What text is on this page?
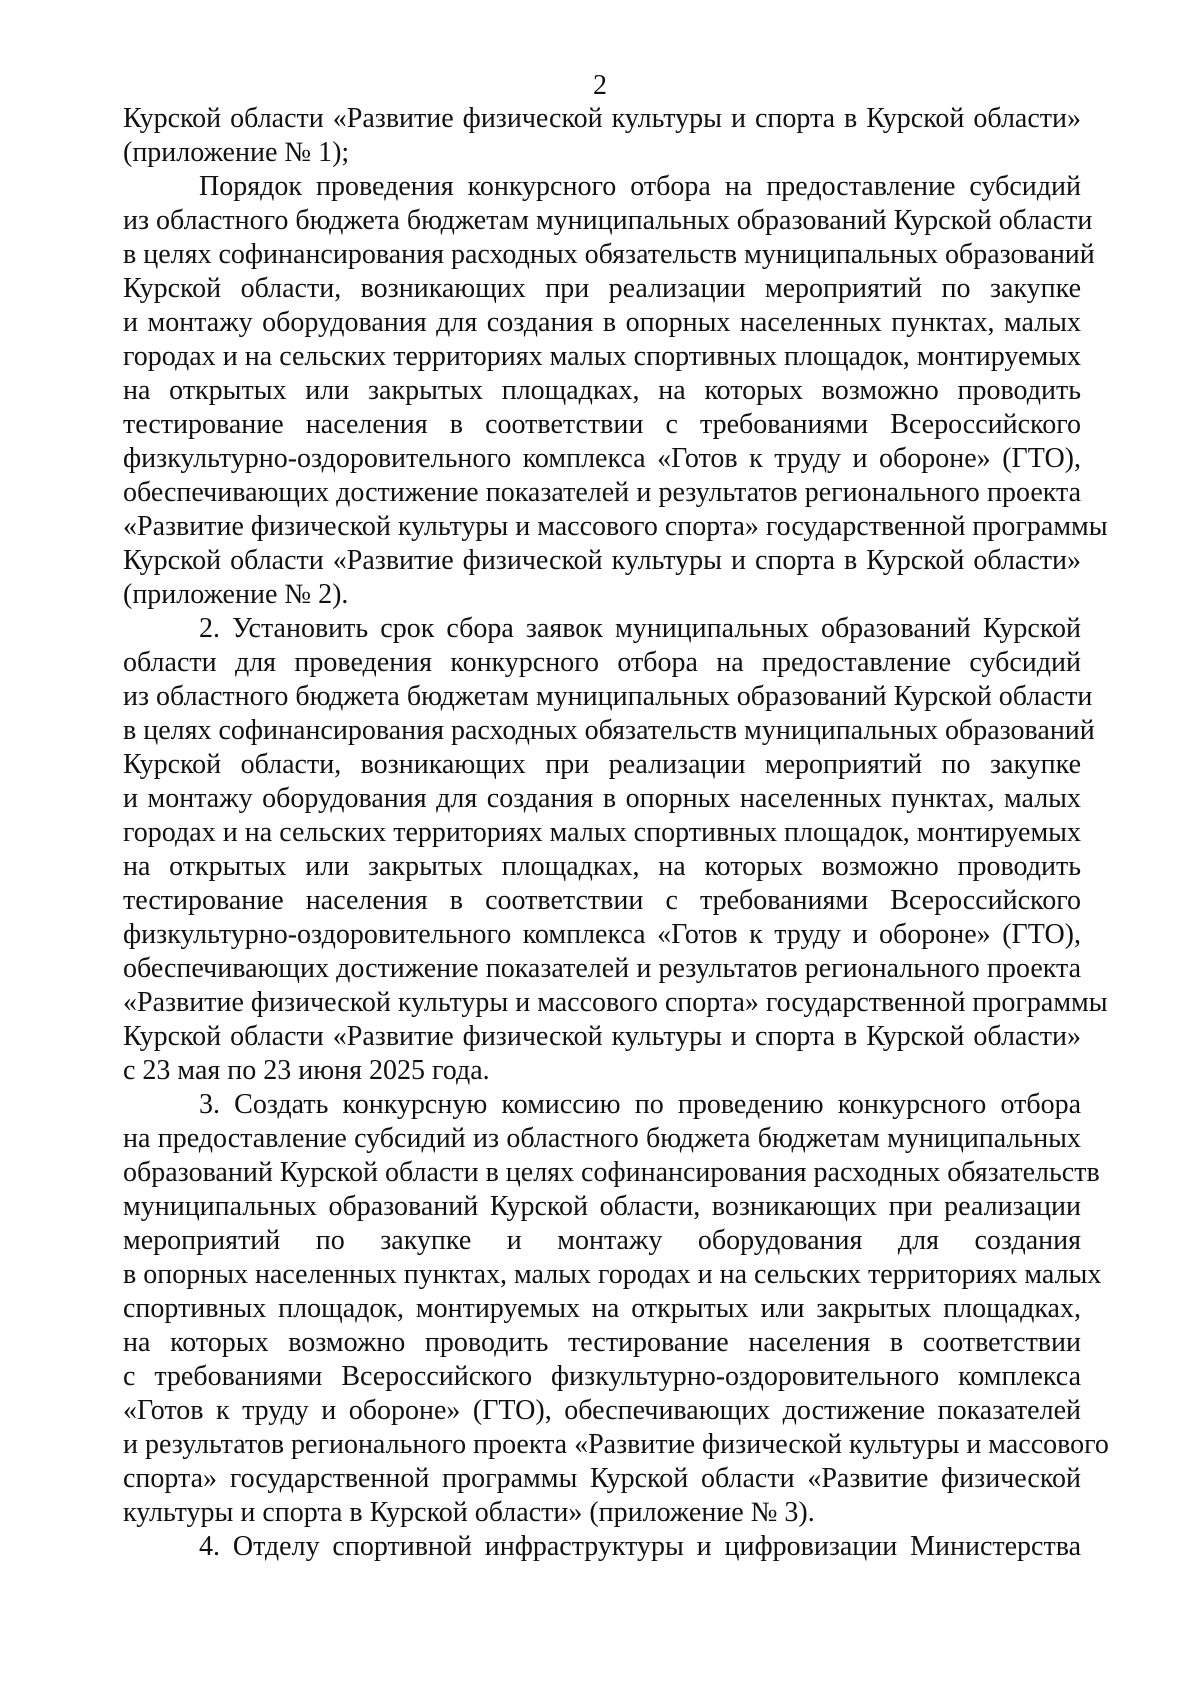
2
Курской области «Развитие физической культуры и спорта в Курской области»
(приложение № 1);
Порядок проведения конкурсного отбора на предоставление субсидий
из областного бюджета бюджетам муниципальных образований Курской области
в целях софинансирования расходных обязательств муниципальных образований
Курской области, возникающих при реализации мероприятий по закупке
и монтажу оборудования для создания в опорных населенных пунктах, малых
городах и на сельских территориях малых спортивных площадок, монтируемых
на открытых или закрытых площадках, на которых возможно проводить
тестирование населения в соответствии с требованиями Всероссийского
физкультурно-оздоровительного комплекса «Готов к труду и обороне» (ГТО),
обеспечивающих достижение показателей и результатов регионального проекта
«Развитие физической культуры и массового спорта» государственной программы
Курской области «Развитие физической культуры и спорта в Курской области»
(приложение № 2).
2. Установить срок сбора заявок муниципальных образований Курской
области для проведения конкурсного отбора на предоставление субсидий
из областного бюджета бюджетам муниципальных образований Курской области
в целях софинансирования расходных обязательств муниципальных образований
Курской области, возникающих при реализации мероприятий по закупке
и монтажу оборудования для создания в опорных населенных пунктах, малых
городах и на сельских территориях малых спортивных площадок, монтируемых
на открытых или закрытых площадках, на которых возможно проводить
тестирование населения в соответствии с требованиями Всероссийского
физкультурно-оздоровительного комплекса «Готов к труду и обороне» (ГТО),
обеспечивающих достижение показателей и результатов регионального проекта
«Развитие физической культуры и массового спорта» государственной программы
Курской области «Развитие физической культуры и спорта в Курской области»
с 23 мая по 23 июня 2025 года.
3. Создать конкурсную комиссию по проведению конкурсного отбора
на предоставление субсидий из областного бюджета бюджетам муниципальных
образований Курской области в целях софинансирования расходных обязательств
муниципальных образований Курской области, возникающих при реализации
мероприятий по закупке и монтажу оборудования для создания
в опорных населенных пунктах, малых городах и на сельских территориях малых
спортивных площадок, монтируемых на открытых или закрытых площадках,
на которых возможно проводить тестирование населения в соответствии
с требованиями Всероссийского физкультурно-оздоровительного комплекса
«Готов к труду и обороне» (ГТО), обеспечивающих достижение показателей
и результатов регионального проекта «Развитие физической культуры и массового
спорта» государственной программы Курской области «Развитие физической
культуры и спорта в Курской области» (приложение № 3).
4. Отделу спортивной инфраструктуры и цифровизации Министерства
